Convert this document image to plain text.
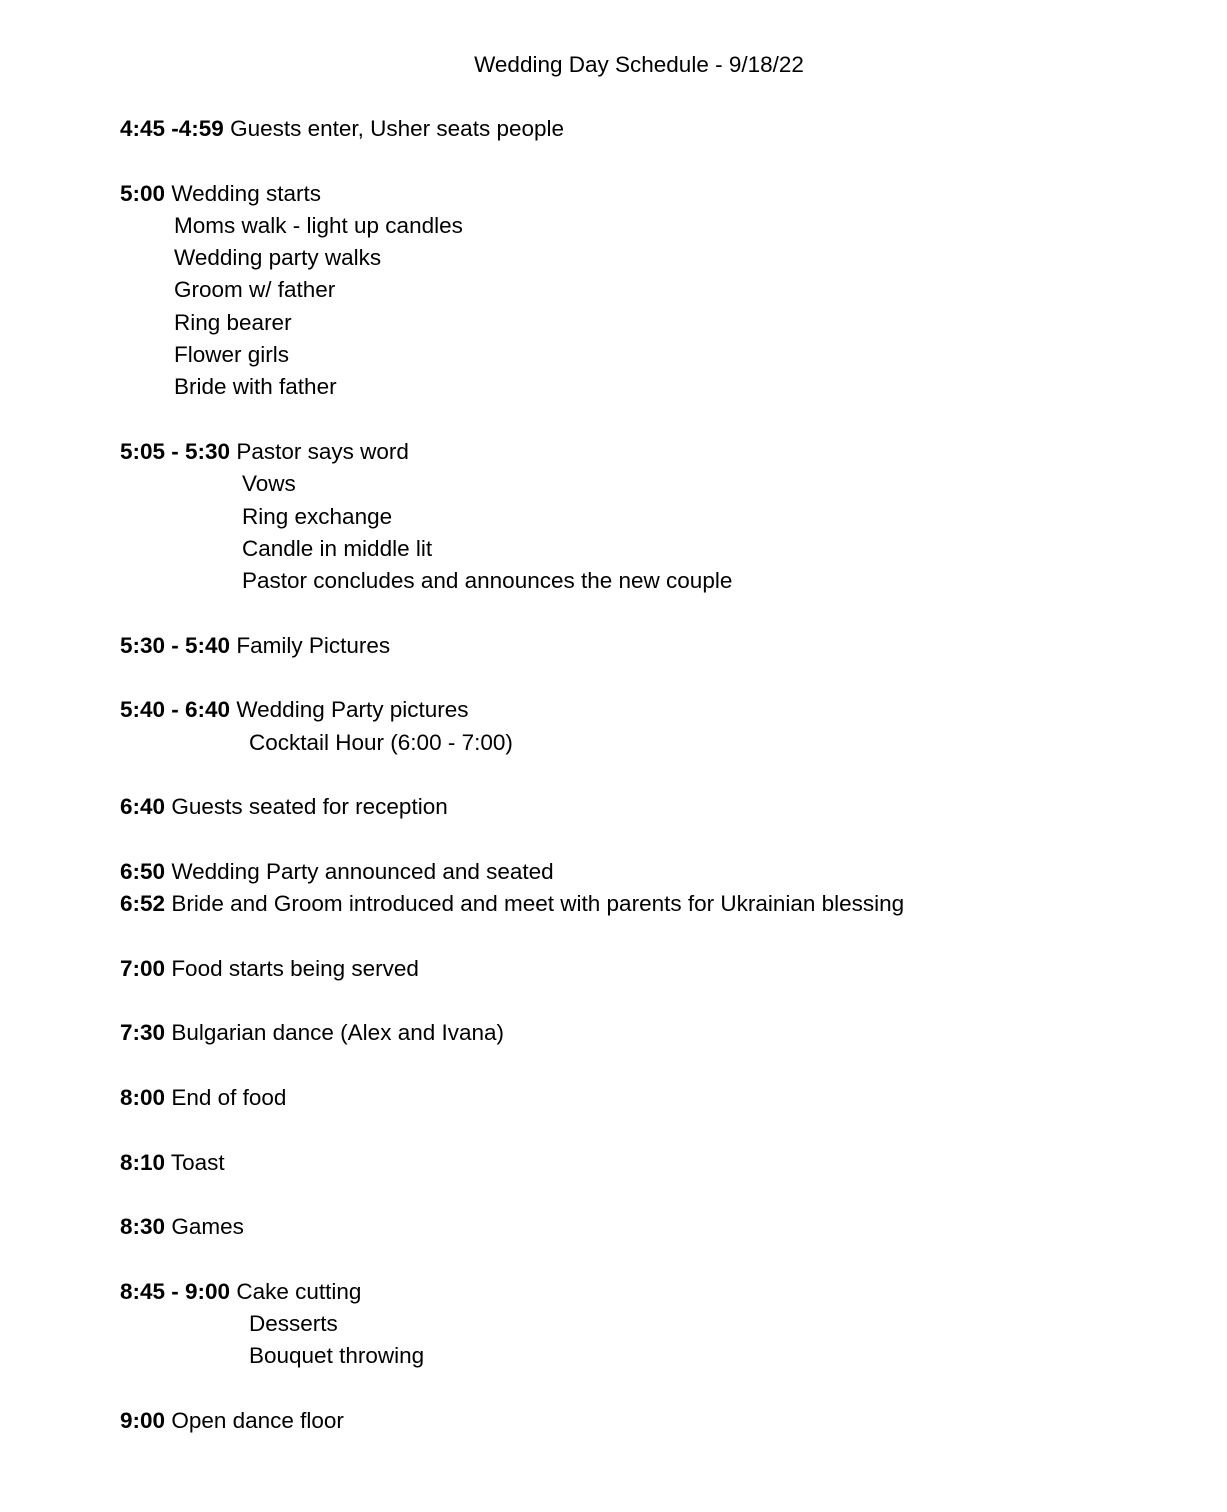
Wedding Day Schedule - 9/18/22
4:45 -4:59 Guests enter, Usher seats people
5:00 Wedding starts
Moms walk - light up candles
Wedding party walks
Groom w/ father
Ring bearer
Flower girls
Bride with father
5:05 - 5:30 Pastor says word
Vows
Ring exchange
Candle in middle lit
Pastor concludes and announces the new couple
5:30 - 5:40 Family Pictures
5:40 - 6:40 Wedding Party pictures
Cocktail Hour (6:00 - 7:00)
6:40 Guests seated for reception
6:50 Wedding Party announced and seated
6:52 Bride and Groom introduced and meet with parents for Ukrainian blessing
7:00 Food starts being served
7:30 Bulgarian dance (Alex and Ivana)
8:00 End of food
8:10 Toast
8:30 Games
8:45 - 9:00 Cake cutting
Desserts
Bouquet throwing
9:00 Open dance floor
